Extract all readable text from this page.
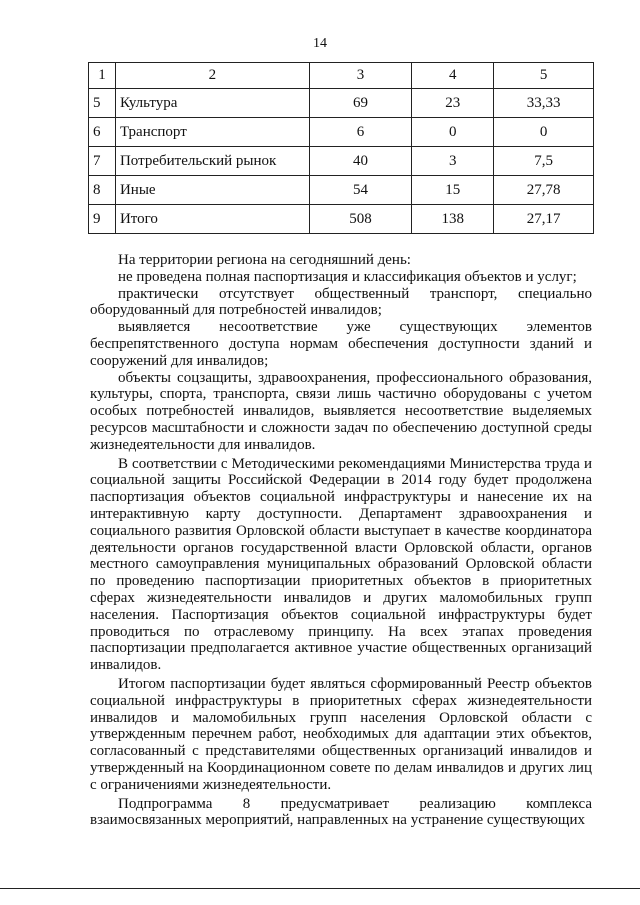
14
1	2	3	4	5
5	Культура	69	23	33,33
6	Транспорт	6	0	0
7	Потребительский рынок	40	3	7,5
8	Иные	54	15	27,78
9	Итого	508	138	27,17

На территории региона на сегодняшний день:

не проведена полная паспортизация и классификация объектов и услуг;

практически отсутствует общественный транспорт, специально оборудованный для потребностей инвалидов;

выявляется несоответствие уже существующих элементов беспрепятственного доступа нормам обеспечения доступности зданий и сооружений для инвалидов;

объекты соцзащиты, здравоохранения, профессионального образования, культуры, спорта, транспорта, связи лишь частично оборудованы с учетом особых потребностей инвалидов, выявляется несоответствие выделяемых ресурсов масштабности и сложности задач по обеспечению доступной среды жизнедеятельности для инвалидов.

В соответствии с Методическими рекомендациями Министерства труда и социальной защиты Российской Федерации в 2014 году будет продолжена паспортизация объектов социальной инфраструктуры и нанесение их на интерактивную карту доступности. Департамент здравоохранения и социального развития Орловской области выступает в качестве координатора деятельности органов государственной власти Орловской области, органов местного самоуправления муниципальных образований Орловской области по проведению паспортизации приоритетных объектов в приоритетных сферах жизнедеятельности инвалидов и других маломобильных групп населения. Паспортизация объектов социальной инфраструктуры будет проводиться по отраслевому принципу. На всех этапах проведения паспортизации предполагается активное участие общественных организаций инвалидов.

Итогом паспортизации будет являться сформированный Реестр объектов социальной инфраструктуры в приоритетных сферах жизнедеятельности инвалидов и маломобильных групп населения Орловской области с утвержденным перечнем работ, необходимых для адаптации этих объектов, согласованный с представителями общественных организаций инвалидов и утвержденный на Координационном совете по делам инвалидов и других лиц с ограничениями жизнедеятельности.

Подпрограмма 8 предусматривает реализацию комплекса взаимосвязанных мероприятий, направленных на устранение существующих
